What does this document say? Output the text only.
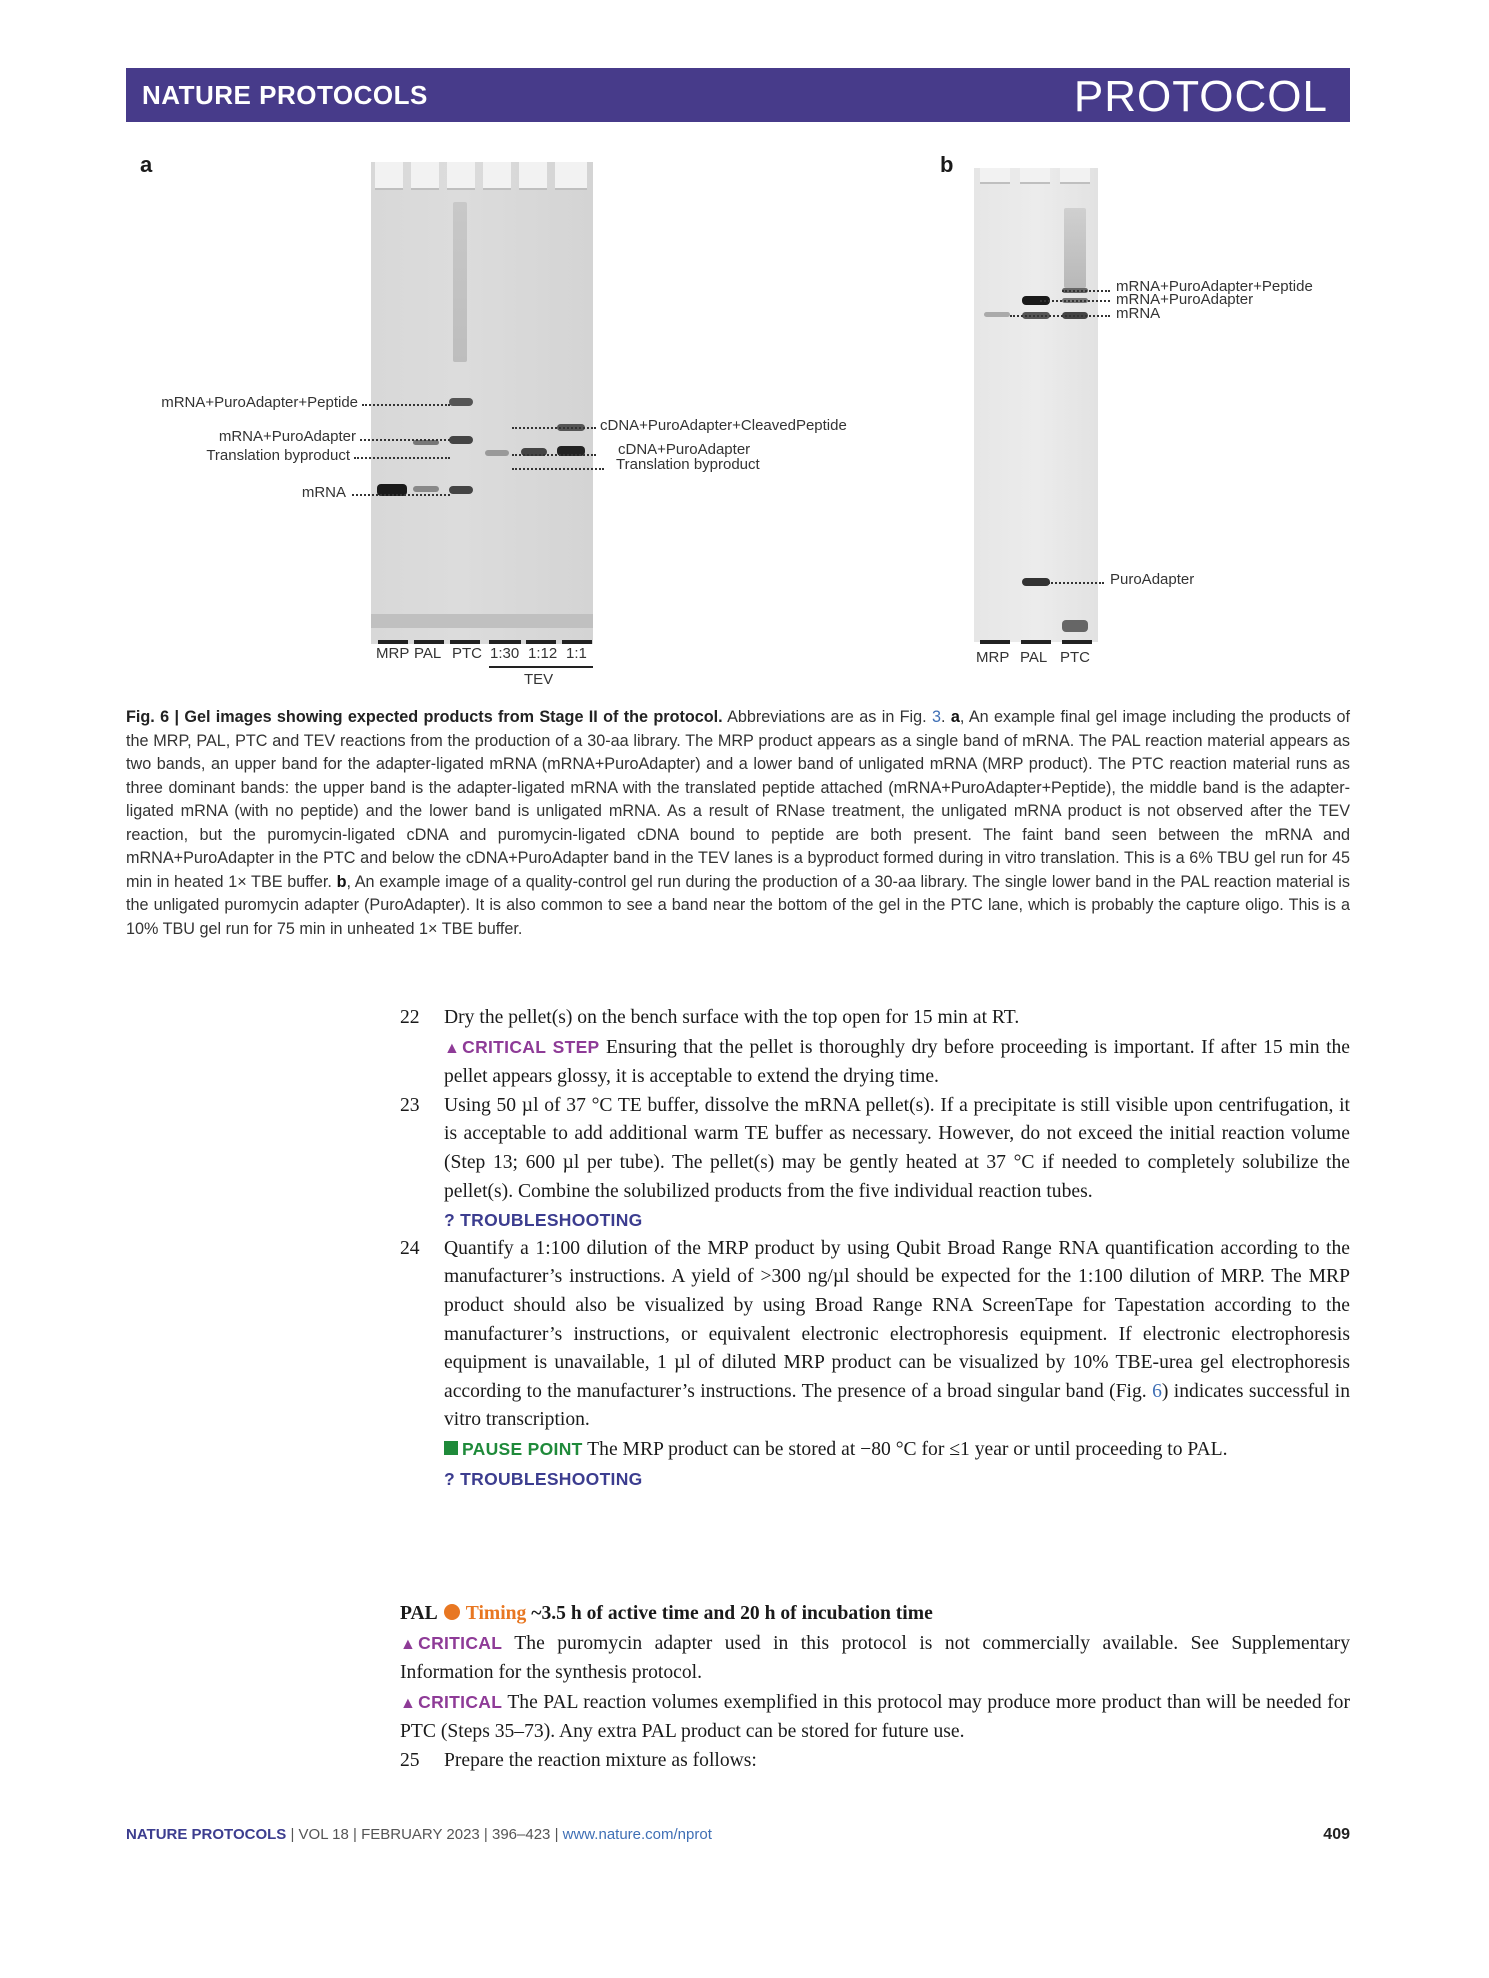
NATURE PROTOCOLS	PROTOCOL
a
mRNA+PuroAdapter+Peptide
mRNA+PuroAdapter
Translation byproduct
mRNA
cDNA+PuroAdapter+CleavedPeptide
cDNA+PuroAdapter
Translation byproduct
MRP PAL PTC 1:30 1:12 1:1
TEV
b
mRNA+PuroAdapter+Peptide
mRNA+PuroAdapter
mRNA
PuroAdapter
MRP PAL PTC
Fig. 6 | Gel images showing expected products from Stage II of the protocol. Abbreviations are as in Fig. 3. a, An example final gel image including the products of the MRP, PAL, PTC and TEV reactions from the production of a 30-aa library. The MRP product appears as a single band of mRNA. The PAL reaction material appears as two bands, an upper band for the adapter-ligated mRNA (mRNA+PuroAdapter) and a lower band of unligated mRNA (MRP product). The PTC reaction material runs as three dominant bands: the upper band is the adapter-ligated mRNA with the translated peptide attached (mRNA+PuroAdapter+Peptide), the middle band is the adapter-ligated mRNA (with no peptide) and the lower band is unligated mRNA. As a result of RNase treatment, the unligated mRNA product is not observed after the TEV reaction, but the puromycin-ligated cDNA and puromycin-ligated cDNA bound to peptide are both present. The faint band seen between the mRNA and mRNA+PuroAdapter in the PTC and below the cDNA+PuroAdapter band in the TEV lanes is a byproduct formed during in vitro translation. This is a 6% TBU gel run for 45 min in heated 1× TBE buffer. b, An example image of a quality-control gel run during the production of a 30-aa library. The single lower band in the PAL reaction material is the unligated puromycin adapter (PuroAdapter). It is also common to see a band near the bottom of the gel in the PTC lane, which is probably the capture oligo. This is a 10% TBU gel run for 75 min in unheated 1× TBE buffer.
22 Dry the pellet(s) on the bench surface with the top open for 15 min at RT.
▲ CRITICAL STEP Ensuring that the pellet is thoroughly dry before proceeding is important. If after 15 min the pellet appears glossy, it is acceptable to extend the drying time.
23 Using 50 µl of 37 °C TE buffer, dissolve the mRNA pellet(s). If a precipitate is still visible upon centrifugation, it is acceptable to add additional warm TE buffer as necessary. However, do not exceed the initial reaction volume (Step 13; 600 µl per tube). The pellet(s) may be gently heated at 37 °C if needed to completely solubilize the pellet(s). Combine the solubilized products from the five individual reaction tubes.
? TROUBLESHOOTING
24 Quantify a 1:100 dilution of the MRP product by using Qubit Broad Range RNA quantification according to the manufacturer’s instructions. A yield of >300 ng/µl should be expected for the 1:100 dilution of MRP. The MRP product should also be visualized by using Broad Range RNA ScreenTape for Tapestation according to the manufacturer’s instructions, or equivalent electronic electrophoresis equipment. If electronic electrophoresis equipment is unavailable, 1 µl of diluted MRP product can be visualized by 10% TBE-urea gel electrophoresis according to the manufacturer’s instructions. The presence of a broad singular band (Fig. 6) indicates successful in vitro transcription.
PAUSE POINT The MRP product can be stored at −80 °C for ≤1 year or until proceeding to PAL.
? TROUBLESHOOTING
PAL Timing ~3.5 h of active time and 20 h of incubation time
▲ CRITICAL The puromycin adapter used in this protocol is not commercially available. See Supplementary Information for the synthesis protocol.
▲ CRITICAL The PAL reaction volumes exemplified in this protocol may produce more product than will be needed for PTC (Steps 35–73). Any extra PAL product can be stored for future use.
25 Prepare the reaction mixture as follows:
NATURE PROTOCOLS | VOL 18 | FEBRUARY 2023 | 396–423 | www.nature.com/nprot	409
